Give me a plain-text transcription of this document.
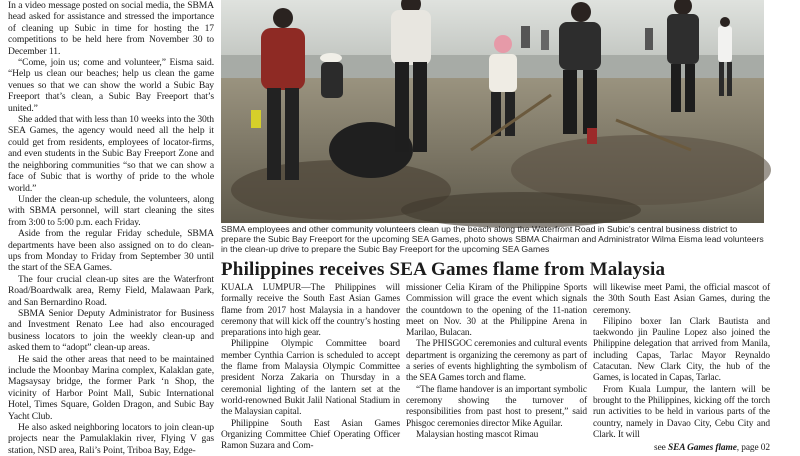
In a video message posted on social media, the SBMA head asked for assistance and stressed the importance of cleaning up Subic in time for hosting the 17 competitions to be held here from November 30 to December 11.

“Come, join us; come and volunteer,” Eisma said. “Help us clean our beaches; help us clean the game venues so that we can show the world a Subic Bay Freeport that’s clean, a Subic Bay Freeport that’s united.”

She added that with less than 10 weeks into the 30th SEA Games, the agency would need all the help it could get from residents, employees of locator-firms, and even students in the Subic Bay Freeport Zone and the neighboring communities “so that we can show a face of Subic that is worthy of pride to the whole world.”

Under the clean-up schedule, the volunteers, along with SBMA personnel, will start cleaning the sites from 3:00 to 5:00 p.m. each Friday.

Aside from the regular Friday schedule, SBMA departments have been also assigned on to do clean-ups from Monday to Friday from September 30 until the start of the SEA Games.

The four crucial clean-up sites are the Waterfront Road/Boardwalk area, Remy Field, Malawaan Park, and San Bernardino Road.

SBMA Senior Deputy Administrator for Business and Investment Renato Lee had also encouraged business locators to join the weekly clean-up and asked them to “adopt” clean-up areas.

He said the other areas that need to be maintained include the Moonbay Marina complex, Kalaklan gate, Magsaysay bridge, the former Park ‘n Shop, the vicinity of Harbor Point Mall, Subic International Hotel, Times Square, Golden Dragon, and Subic Bay Yacht Club.

He also asked neighboring locators to join clean-up projects near the Pamulaklakin river, Flying V gas station, NSD area, Rali’s Point, Triboa Bay, Edge-

SBMA employees and other community volunteers clean up the beach along the Waterfront Road in Subic’s central business district to prepare the Subic Bay Freeport for the upcoming SEA Games, photo shows SBMA Chairman and Administrator Wilma Eisma lead volunteers in the clean-up drive to prepare the Subic Bay Freeport for the upcoming SEA Games
Philippines receives SEA Games flame from Malaysia

KUALA LUMPUR—The Philippines will formally receive the South East Asian Games flame from 2017 host Malaysia in a handover ceremony that will kick off the country’s hosting preparations into high gear.

Philippine Olympic Committee board member Cynthia Carrion is scheduled to accept the flame from Malaysia Olympic Committee president Norza Zakaria on Thursday in a ceremonial lighting of the lantern set at the world-renowned Bukit Jalil National Stadium in the Malaysian capital.

Philippine South East Asian Games Organizing Committee Chief Operating Officer Ramon Suzara and Com-

missioner Celia Kiram of the Philippine Sports Commission will grace the event which signals the countdown to the opening of the 11-nation meet on Nov. 30 at the Philippine Arena in Marilao, Bulacan.

The PHISGOC ceremonies and cultural events department is organizing the ceremony as part of a series of events highlighting the symbolism of the SEA Games torch and flame.

“The flame handover is an important symbolic ceremony showing the turnover of responsibilities from past host to present,” said Phisgoc ceremonies director Mike Aguilar.

Malaysian hosting mascot Rimau

will likewise meet Pami, the official mascot of the 30th South East Asian Games, during the ceremony.

Filipino boxer Ian Clark Bautista and taekwondo jin Pauline Lopez also joined the Philippine delegation that arrived from Manila, including Capas, Tarlac Mayor Reynaldo Catacutan. New Clark City, the hub of the Games, is located in Capas, Tarlac.

From Kuala Lumpur, the lantern will be brought to the Philippines, kicking off the torch run activities to be held in various parts of the country, namely in Davao City, Cebu City and Clark. It will

see SEA Games flame, page 02
